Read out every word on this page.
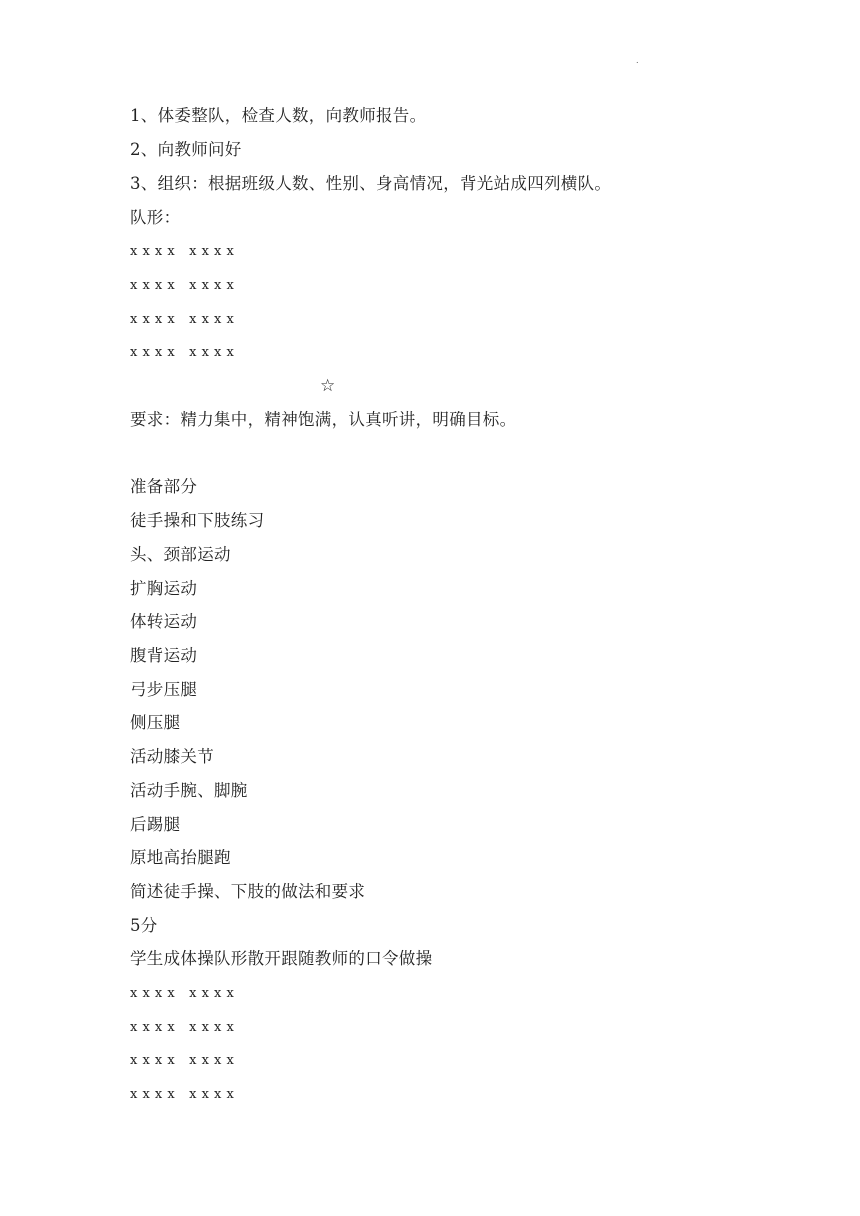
.
1、体委整队，检查人数，向教师报告。
2、向教师问好
3、组织：根据班级人数、性别、身高情况，背光站成四列横队。
队形：
x x x x   x x x x
x x x x   x x x x
x x x x   x x x x
x x x x   x x x x
☆
要求：精力集中，精神饱满，认真听讲，明确目标。
准备部分
徒手操和下肢练习
头、颈部运动
扩胸运动
体转运动
腹背运动
弓步压腿
侧压腿
活动膝关节
活动手腕、脚腕
后踢腿
原地高抬腿跑
简述徒手操、下肢的做法和要求
5分
学生成体操队形散开跟随教师的口令做操
x x x x   x x x x
x x x x   x x x x
x x x x   x x x x
x x x x   x x x x
